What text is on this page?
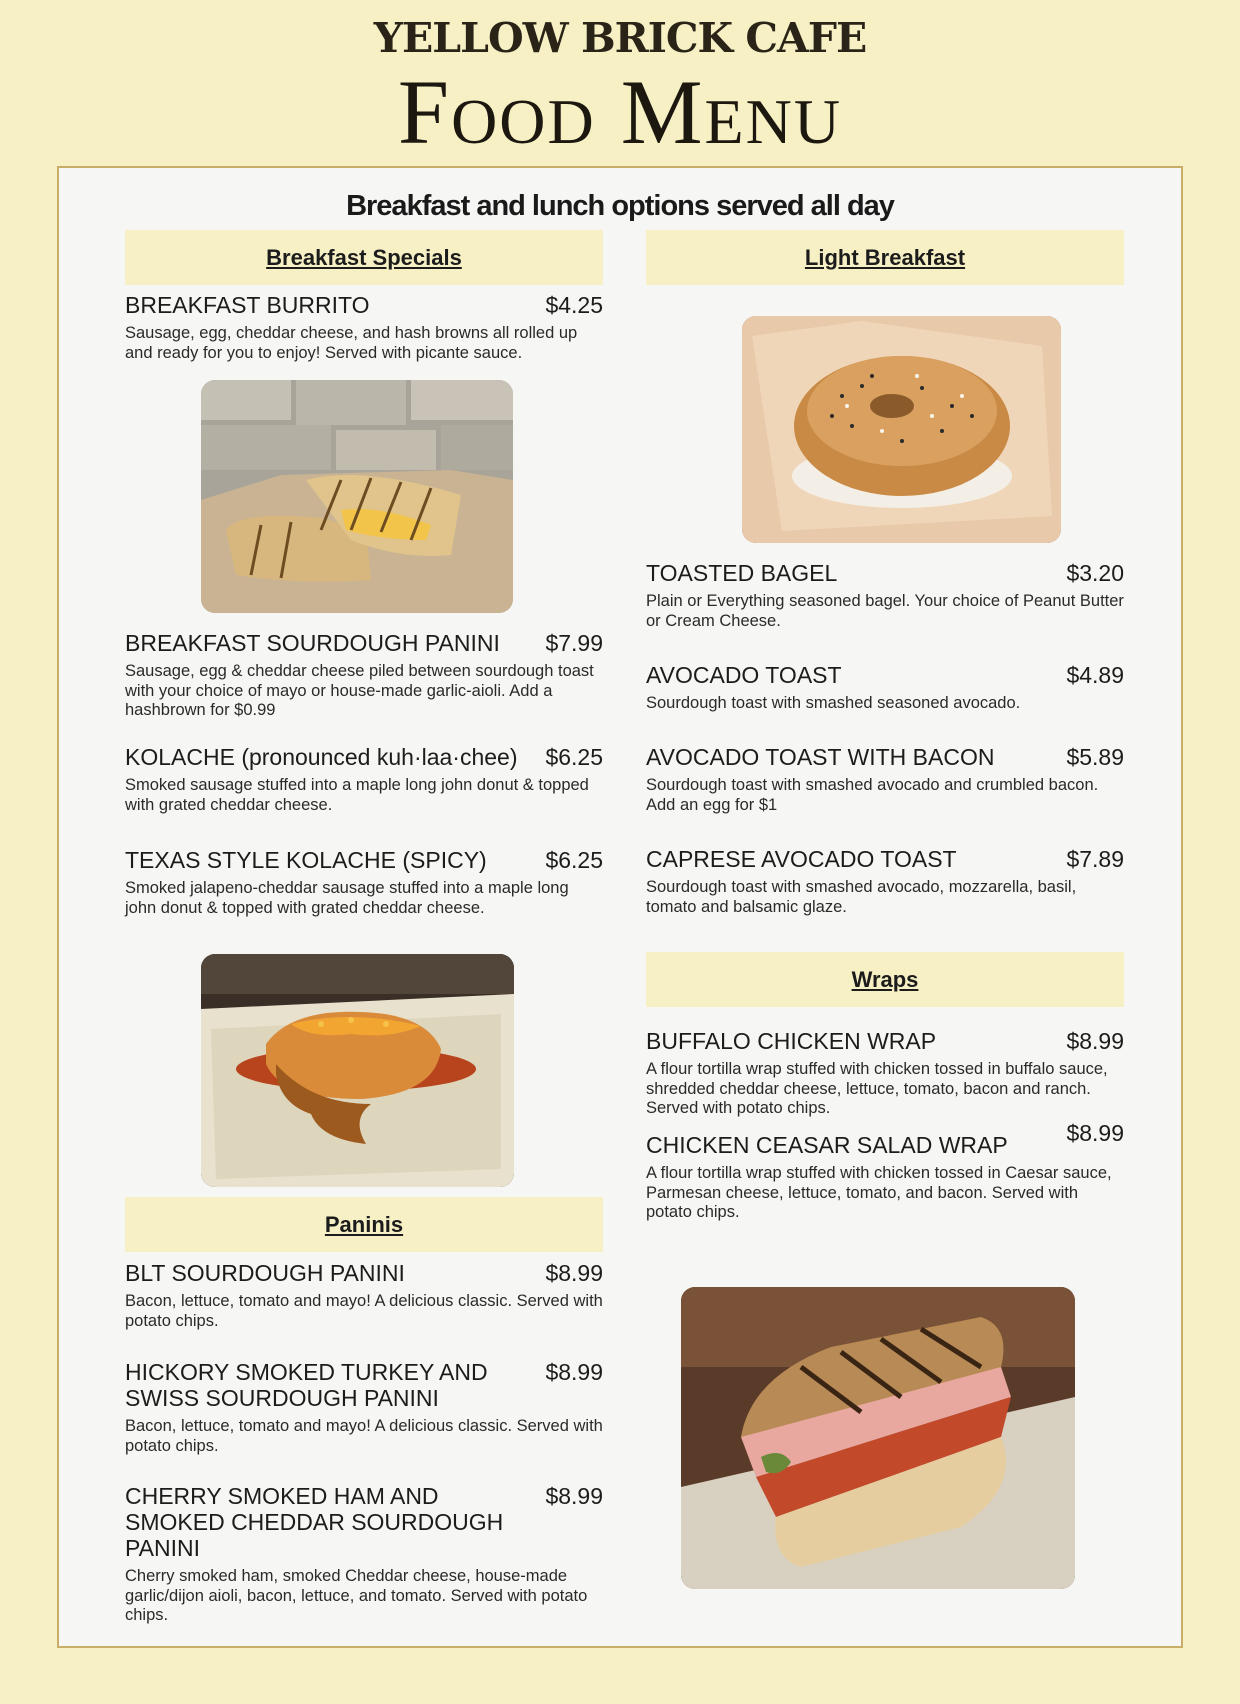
YELLOW BRICK CAFE
Food Menu
Breakfast and lunch options served all day
Breakfast Specials
BREAKFAST BURRITO	$4.25
Sausage, egg, cheddar cheese, and hash browns all rolled up and ready for you to enjoy! Served with picante sauce.
BREAKFAST SOURDOUGH PANINI	$7.99
Sausage, egg & cheddar cheese piled between sourdough toast with your choice of mayo or house-made garlic-aioli. Add a hashbrown for $0.99
KOLACHE (pronounced kuh·laa·chee)	$6.25
Smoked sausage stuffed into a maple long john donut & topped with grated cheddar cheese.
TEXAS STYLE KOLACHE (SPICY)	$6.25
Smoked jalapeno-cheddar sausage stuffed into a maple long john donut & topped with grated cheddar cheese.
Paninis
BLT SOURDOUGH PANINI	$8.99
Bacon, lettuce, tomato and mayo! A delicious classic. Served with potato chips.
HICKORY SMOKED TURKEY AND SWISS SOURDOUGH PANINI
$8.99
Bacon, lettuce, tomato and mayo! A delicious classic. Served with potato chips.
CHERRY SMOKED HAM AND SMOKED CHEDDAR SOURDOUGH PANINI
$8.99
Cherry smoked ham, smoked Cheddar cheese, house-made garlic/dijon aioli, bacon, lettuce, and tomato. Served with potato chips.
Light Breakfast
TOASTED BAGEL	$3.20
Plain or Everything seasoned bagel. Your choice of Peanut Butter or Cream Cheese.
AVOCADO TOAST	$4.89
Sourdough toast with smashed seasoned avocado.
AVOCADO TOAST WITH BACON	$5.89
Sourdough toast with smashed avocado and crumbled bacon. Add an egg for $1
CAPRESE AVOCADO TOAST	$7.89
Sourdough toast with smashed avocado, mozzarella, basil, tomato and balsamic glaze.
Wraps
BUFFALO CHICKEN WRAP	$8.99
A flour tortilla wrap stuffed with chicken tossed in buffalo sauce, shredded cheddar cheese, lettuce, tomato, bacon and ranch. Served with potato chips.
CHICKEN CEASAR SALAD WRAP	$8.99
A flour tortilla wrap stuffed with chicken tossed in Caesar sauce, Parmesan cheese, lettuce, tomato, and bacon. Served with potato chips.
